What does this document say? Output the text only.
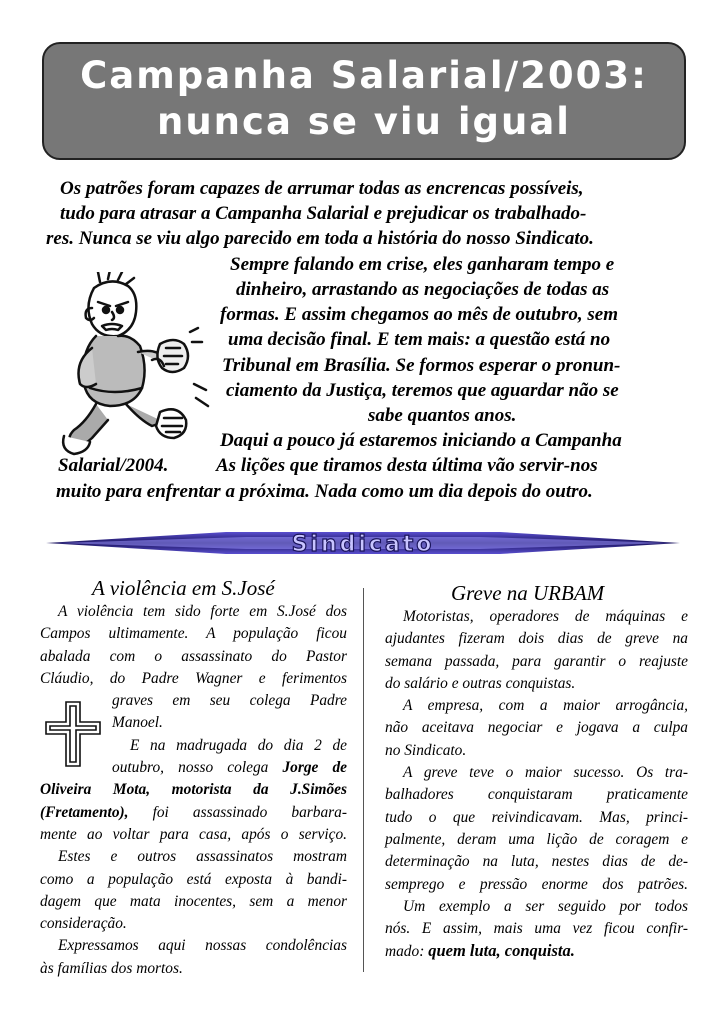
Campanha Salarial/2003:
nunca se viu igual
Os patrões foram capazes de arrumar todas as encrencas possíveis,
tudo para atrasar a Campanha Salarial e prejudicar os trabalhado-
res. Nunca se viu algo parecido em toda a história do nosso Sindicato.
Sempre falando em crise, eles ganharam tempo e
dinheiro, arrastando as negociações de todas as
formas. E assim chegamos ao mês de outubro, sem
uma decisão final. E tem mais: a questão está no
Tribunal em Brasília. Se formos esperar o pronun-
ciamento da Justiça, teremos que aguardar não se
sabe quantos anos.
Daqui a pouco já estaremos iniciando a Campanha
Salarial/2004.	As lições que tiramos desta última vão servir-nos
muito para enfrentar a próxima. Nada como um dia depois do outro.
Sindicato
A violência em S.José
A violência tem sido forte em S.José dos
Campos ultimamente. A população ficou
abalada com o assassinato do Pastor
Cláudio, do Padre Wagner e ferimentos
graves em seu colega Padre
Manoel.
E na madrugada do dia 2 de
outubro, nosso colega Jorge de
Oliveira Mota, motorista da J.Simões
(Fretamento), foi assassinado barbara-
mente ao voltar para casa, após o serviço.
Estes e outros assassinatos mostram
como a população está exposta à bandi-
dagem que mata inocentes, sem a menor
consideração.
Expressamos aqui nossas condolências
às famílias dos mortos.
Greve na URBAM
Motoristas, operadores de máquinas e
ajudantes fizeram dois dias de greve na
semana passada, para garantir o reajuste
do salário e outras conquistas.
A empresa, com a maior arrogância,
não aceitava negociar e jogava a culpa
no Sindicato.
A greve teve o maior sucesso. Os tra-
balhadores conquistaram praticamente
tudo o que reivindicavam. Mas, princi-
palmente, deram uma lição de coragem e
determinação na luta, nestes dias de de-
semprego e pressão enorme dos patrões.
Um exemplo a ser seguido por todos
nós. E assim, mais uma vez ficou confir-
mado: quem luta, conquista.
